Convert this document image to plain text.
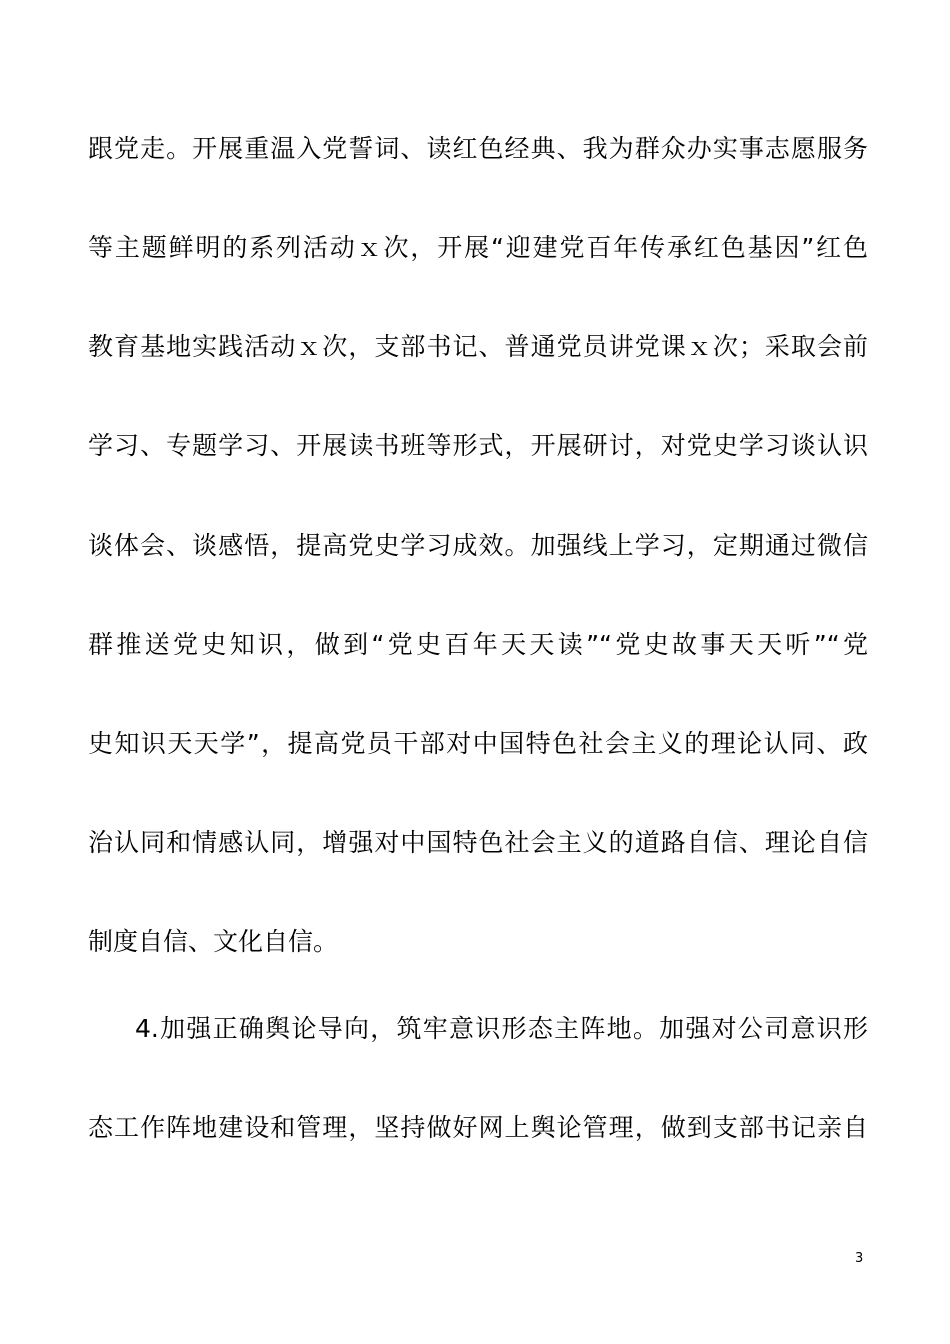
跟党走。开展重温入党誓词、读红色经典、我为群众办实事志愿服务
等主题鲜明的系列活动ｘ次，开展“迎建党百年传承红色基因”红色
教育基地实践活动ｘ次，支部书记、普通党员讲党课ｘ次；采取会前
学习、专题学习、开展读书班等形式，开展研讨，对党史学习谈认识
谈体会、谈感悟，提高党史学习成效。加强线上学习，定期通过微信
群推送党史知识，做到“党史百年天天读”“党史故事天天听”“党
史知识天天学”，提高党员干部对中国特色社会主义的理论认同、政
治认同和情感认同，增强对中国特色社会主义的道路自信、理论自信
制度自信、文化自信。
4.加强正确舆论导向，筑牢意识形态主阵地。加强对公司意识形
态工作阵地建设和管理，坚持做好网上舆论管理，做到支部书记亲自
3
